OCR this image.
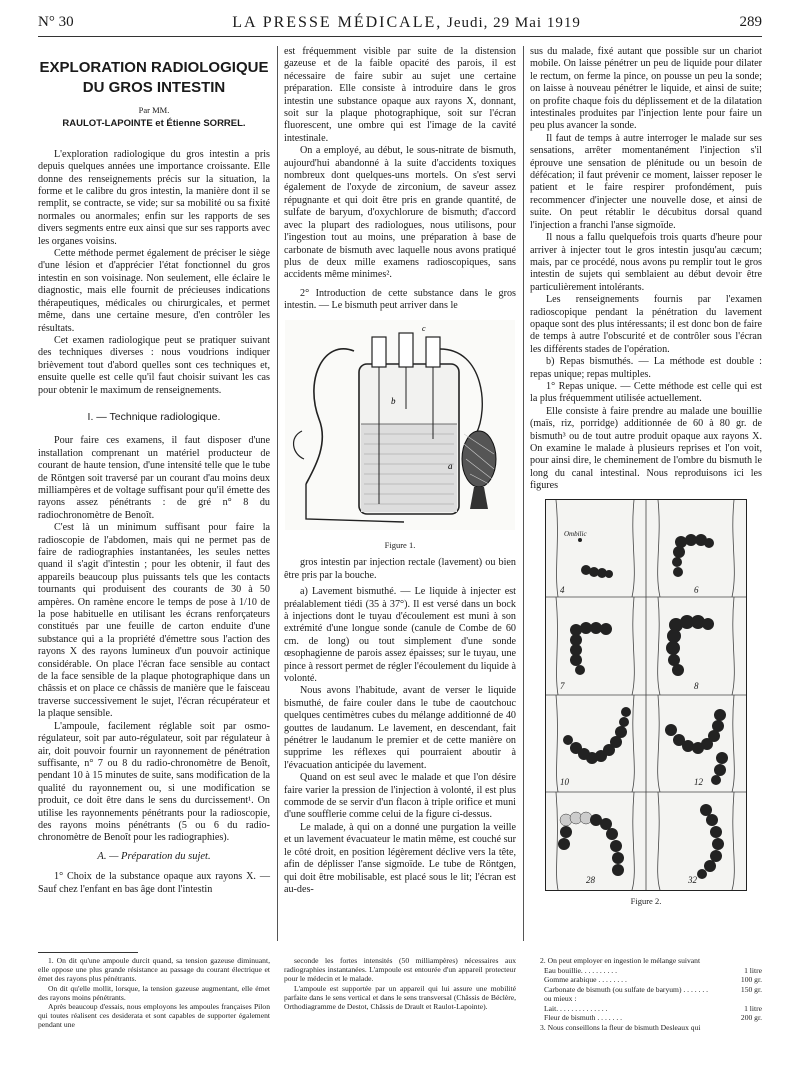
N° 30	LA PRESSE MÉDICALE, Jeudi, 29 Mai 1919	289
EXPLORATION RADIOLOGIQUE
DU GROS INTESTIN
Par MM.
RAULOT-LAPOINTE et Étienne SORREL.

L'exploration radiologique du gros intestin a pris depuis quelques années une importance croissante. Elle donne des renseignements précis sur la situation, la forme et le calibre du gros intestin, la manière dont il se remplit, se contracte, se vide; sur sa mobilité ou sa fixité normales ou anormales; enfin sur les rapports de ses divers segments entre eux ainsi que sur ses rapports avec les organes voisins.

Cette méthode permet également de préciser le siège d'une lésion et d'apprécier l'état fonctionnel du gros intestin en son voisinage. Non seulement, elle éclaire le diagnostic, mais elle fournit de précieuses indications thérapeutiques, médicales ou chirurgicales, et permet même, dans une certaine mesure, d'en contrôler les résultats.

Cet examen radiologique peut se pratiquer suivant des techniques diverses : nous voudrions indiquer brièvement tout d'abord quelles sont ces techniques et, ensuite quelle est celle qu'il faut choisir suivant les cas pour obtenir le maximum de renseignements.

I. — Technique radiologique.

Pour faire ces examens, il faut disposer d'une installation comprenant un matériel producteur de courant de haute tension, d'une intensité telle que le tube de Röntgen soit traversé par un courant d'au moins deux milliampères et de voltage suffisant pour qu'il émette des rayons assez pénétrants : de gré n° 8 du radiochronomètre de Benoît.

C'est là un minimum suffisant pour faire la radioscopie de l'abdomen, mais qui ne permet pas de faire de radiographies instantanées, les seules nettes quand il s'agit d'intestin ; pour les obtenir, il faut des appareils beaucoup plus puissants tels que les contacts tournants qui produisent des courants de 30 à 50 ampères. On ramène encore le temps de pose à 1/10 de la pose habituelle en utilisant les écrans renforçateurs constitués par une feuille de carton enduite d'une substance qui a la propriété d'émettre sous l'action des rayons X des rayons lumineux d'un pouvoir actinique considérable. On place l'écran face sensible au contact de la face sensible de la plaque photographique dans un châssis et on place ce châssis de manière que le faisceau traverse successivement le sujet, l'écran récupérateur et la plaque sensible.

L'ampoule, facilement réglable soit par osmo-régulateur, soit par auto-régulateur, soit par régulateur à air, doit pouvoir fournir un rayonnement de pénétration suffisante, n° 7 ou 8 du radio-chronomètre de Benoît, pendant 10 à 15 minutes de suite, sans modification de la qualité du rayonnement ou, si une modification se produit, ce doit être dans le sens du durcissement¹. On utilise les rayonnements pénétrants pour la radioscopie, des rayons moins pénétrants (5 ou 6 du radio-chronomètre de Benoît pour les radiographies).

A. — Préparation du sujet.

1° Choix de la substance opaque aux rayons X. — Sauf chez l'enfant en bas âge dont l'intestin

est fréquemment visible par suite de la distension gazeuse et de la faible opacité des parois, il est nécessaire de faire subir au sujet une certaine préparation. Elle consiste à introduire dans le gros intestin une substance opaque aux rayons X, donnant, soit sur la plaque photographique, soit sur l'écran fluorescent, une ombre qui est l'image de la cavité intestinale.

On a employé, au début, le sous-nitrate de bismuth, aujourd'hui abandonné à la suite d'accidents toxiques nombreux dont quelques-uns mortels. On s'est servi également de l'oxyde de zirconium, de saveur assez répugnante et qui doit être pris en grande quantité, de sulfate de baryum, d'oxychlorure de bismuth; d'accord avec la plupart des radiologues, nous utilisons, pour l'ingestion tout au moins, une préparation à base de carbonate de bismuth avec laquelle nous avons pratiqué plus de deux mille examens radioscopiques, sans accidents même minimes².

2° Introduction de cette substance dans le gros intestin. — Le bismuth peut arriver dans le

b
c
a
Figure 1.

gros intestin par injection rectale (lavement) ou bien être pris par la bouche.

a) Lavement bismuthé. — Le liquide à injecter est préalablement tiédi (35 à 37°). Il est versé dans un bock à injections dont le tuyau d'écoulement est muni à son extrémité d'une longue sonde (canule de Combe de 60 cm. de long) ou tout simplement d'une sonde œsophagienne de parois assez épaisses; sur le tuyau, une pince à ressort permet de régler l'écoulement du liquide à volonté.

Nous avons l'habitude, avant de verser le liquide bismuthé, de faire couler dans le tube de caoutchouc quelques centimètres cubes du mélange additionné de 40 gouttes de laudanum. Le lavement, en descendant, fait pénétrer le laudanum le premier et de cette manière on supprime les réflexes qui pourraient aboutir à l'évacuation anticipée du lavement.

Quand on est seul avec le malade et que l'on désire faire varier la pression de l'injection à volonté, il est plus commode de se servir d'un flacon à triple orifice et muni d'une soufflerie comme celui de la figure ci-dessus.

Le malade, à qui on a donné une purgation la veille et un lavement évacuateur le matin même, est couché sur le côté droit, en position légèrement déclive vers la tête, afin de déplisser l'anse sigmoïde. Le tube de Röntgen, qui doit être mobilisable, est placé sous le lit; l'écran est au-des-

sus du malade, fixé autant que possible sur un chariot mobile. On laisse pénétrer un peu de liquide pour dilater le rectum, on ferme la pince, on pousse un peu la sonde; on laisse à nouveau pénétrer le liquide, et ainsi de suite; on profite chaque fois du déplissement et de la dilatation intestinales produites par l'injection lente pour faire un peu plus avancer la sonde.

Il faut de temps à autre interroger le malade sur ses sensations, arrêter momentanément l'injection s'il éprouve une sensation de plénitude ou un besoin de défécation; il faut prévenir ce moment, laisser reposer le patient et le faire respirer profondément, puis recommencer d'injecter une nouvelle dose, et ainsi de suite. On peut rétablir le décubitus dorsal quand l'injection a franchi l'anse sigmoïde.

Il nous a fallu quelquefois trois quarts d'heure pour arriver à injecter tout le gros intestin jusqu'au cæcum; mais, par ce procédé, nous avons pu remplir tout le gros intestin de sujets qui semblaient au début devoir être particulièrement intolérants.

Les renseignements fournis par l'examen radioscopique pendant la pénétration du lavement opaque sont des plus intéressants; il est donc bon de faire de temps à autre l'obscurité et de contrôler sous l'écran les différents stades de l'opération.

b) Repas bismuthés. — La méthode est double : repas unique; repas multiples.

1° Repas unique. — Cette méthode est celle qui est la plus fréquemment utilisée actuellement.

Elle consiste à faire prendre au malade une bouillie (maïs, riz, porridge) additionnée de 60 à 80 gr. de bismuth³ ou de tout autre produit opaque aux rayons X. On examine le malade à plusieurs reprises et l'on voit, pour ainsi dire, le cheminement de l'ombre du bismuth le long du canal intestinal. Nous reproduisons ici les figures

Ombilic
4	6
7	8
10	12
28	32
Figure 2.

1. On dit qu'une ampoule durcit quand, sa tension gazeuse diminuant, elle oppose une plus grande résistance au passage du courant électrique et émet des rayons plus pénétrants.

On dit qu'elle mollit, lorsque, la tension gazeuse augmentant, elle émet des rayons moins pénétrants.

Après beaucoup d'essais, nous employons les ampoules françaises Pilon qui toutes réalisent ces desiderata et sont capables de supporter également pendant une

seconde les fortes intensités (50 milliampères) nécessaires aux radiographies instantanées. L'ampoule est entourée d'un appareil protecteur pour le médecin et le malade.

L'ampoule est supportée par un appareil qui lui assure une mobilité parfaite dans le sens vertical et dans le sens transversal (Châssis de Béclère, Orthodiagramme de Destot, Châssis de Drault et Raulot-Lapointe).

2. On peut employer en ingestion le mélange suivant

Eau bouillie. . . . . . . . . .	1 litre
Gomme arabique . . . . . . . .	100 gr.
Carbonate de bismuth (ou sulfate de baryum) . . . . . . .	150 gr.
ou mieux :
Lait. . . . . . . . . . . . . .	1 litre
Fleur de bismuth . . . . . . .	200 gr.

3. Nous conseillons la fleur de bismuth Desleaux qui
